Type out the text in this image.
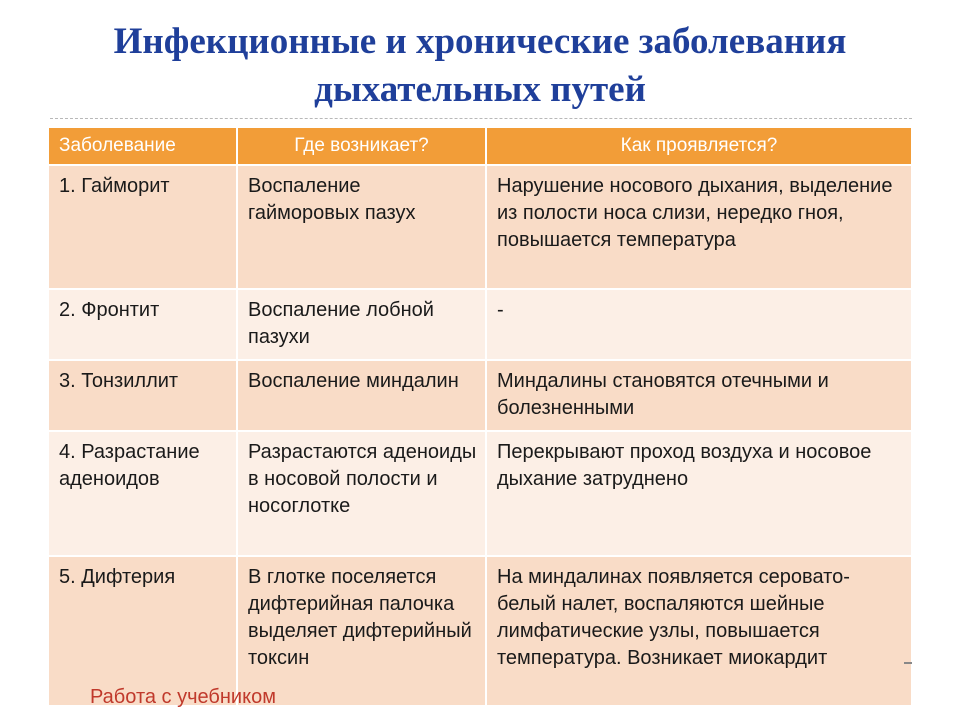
Инфекционные и хронические заболевания
дыхательных путей
Заболевание	Где возникает?	Как проявляется?
1. Гайморит	Воспаление гайморовых пазух	Нарушение носового дыхания, выделение из полости носа слизи, нередко гноя, повышается температура
2. Фронтит	Воспаление лобной пазухи	-
3. Тонзиллит	Воспаление миндалин	Миндалины становятся отечными и болезненными
4. Разрастание аденоидов	Разрастаются аденоиды в носовой полости и носоглотке	Перекрывают проход воздуха и носовое дыхание затруднено
5. Дифтерия	В глотке поселяется дифтерийная палочка выделяет дифтерийный токсин	На миндалинах появляется серовато- белый налет, воспаляются шейные лимфатические узлы, повышается температура. Возникает миокардит
Работа с учебником
